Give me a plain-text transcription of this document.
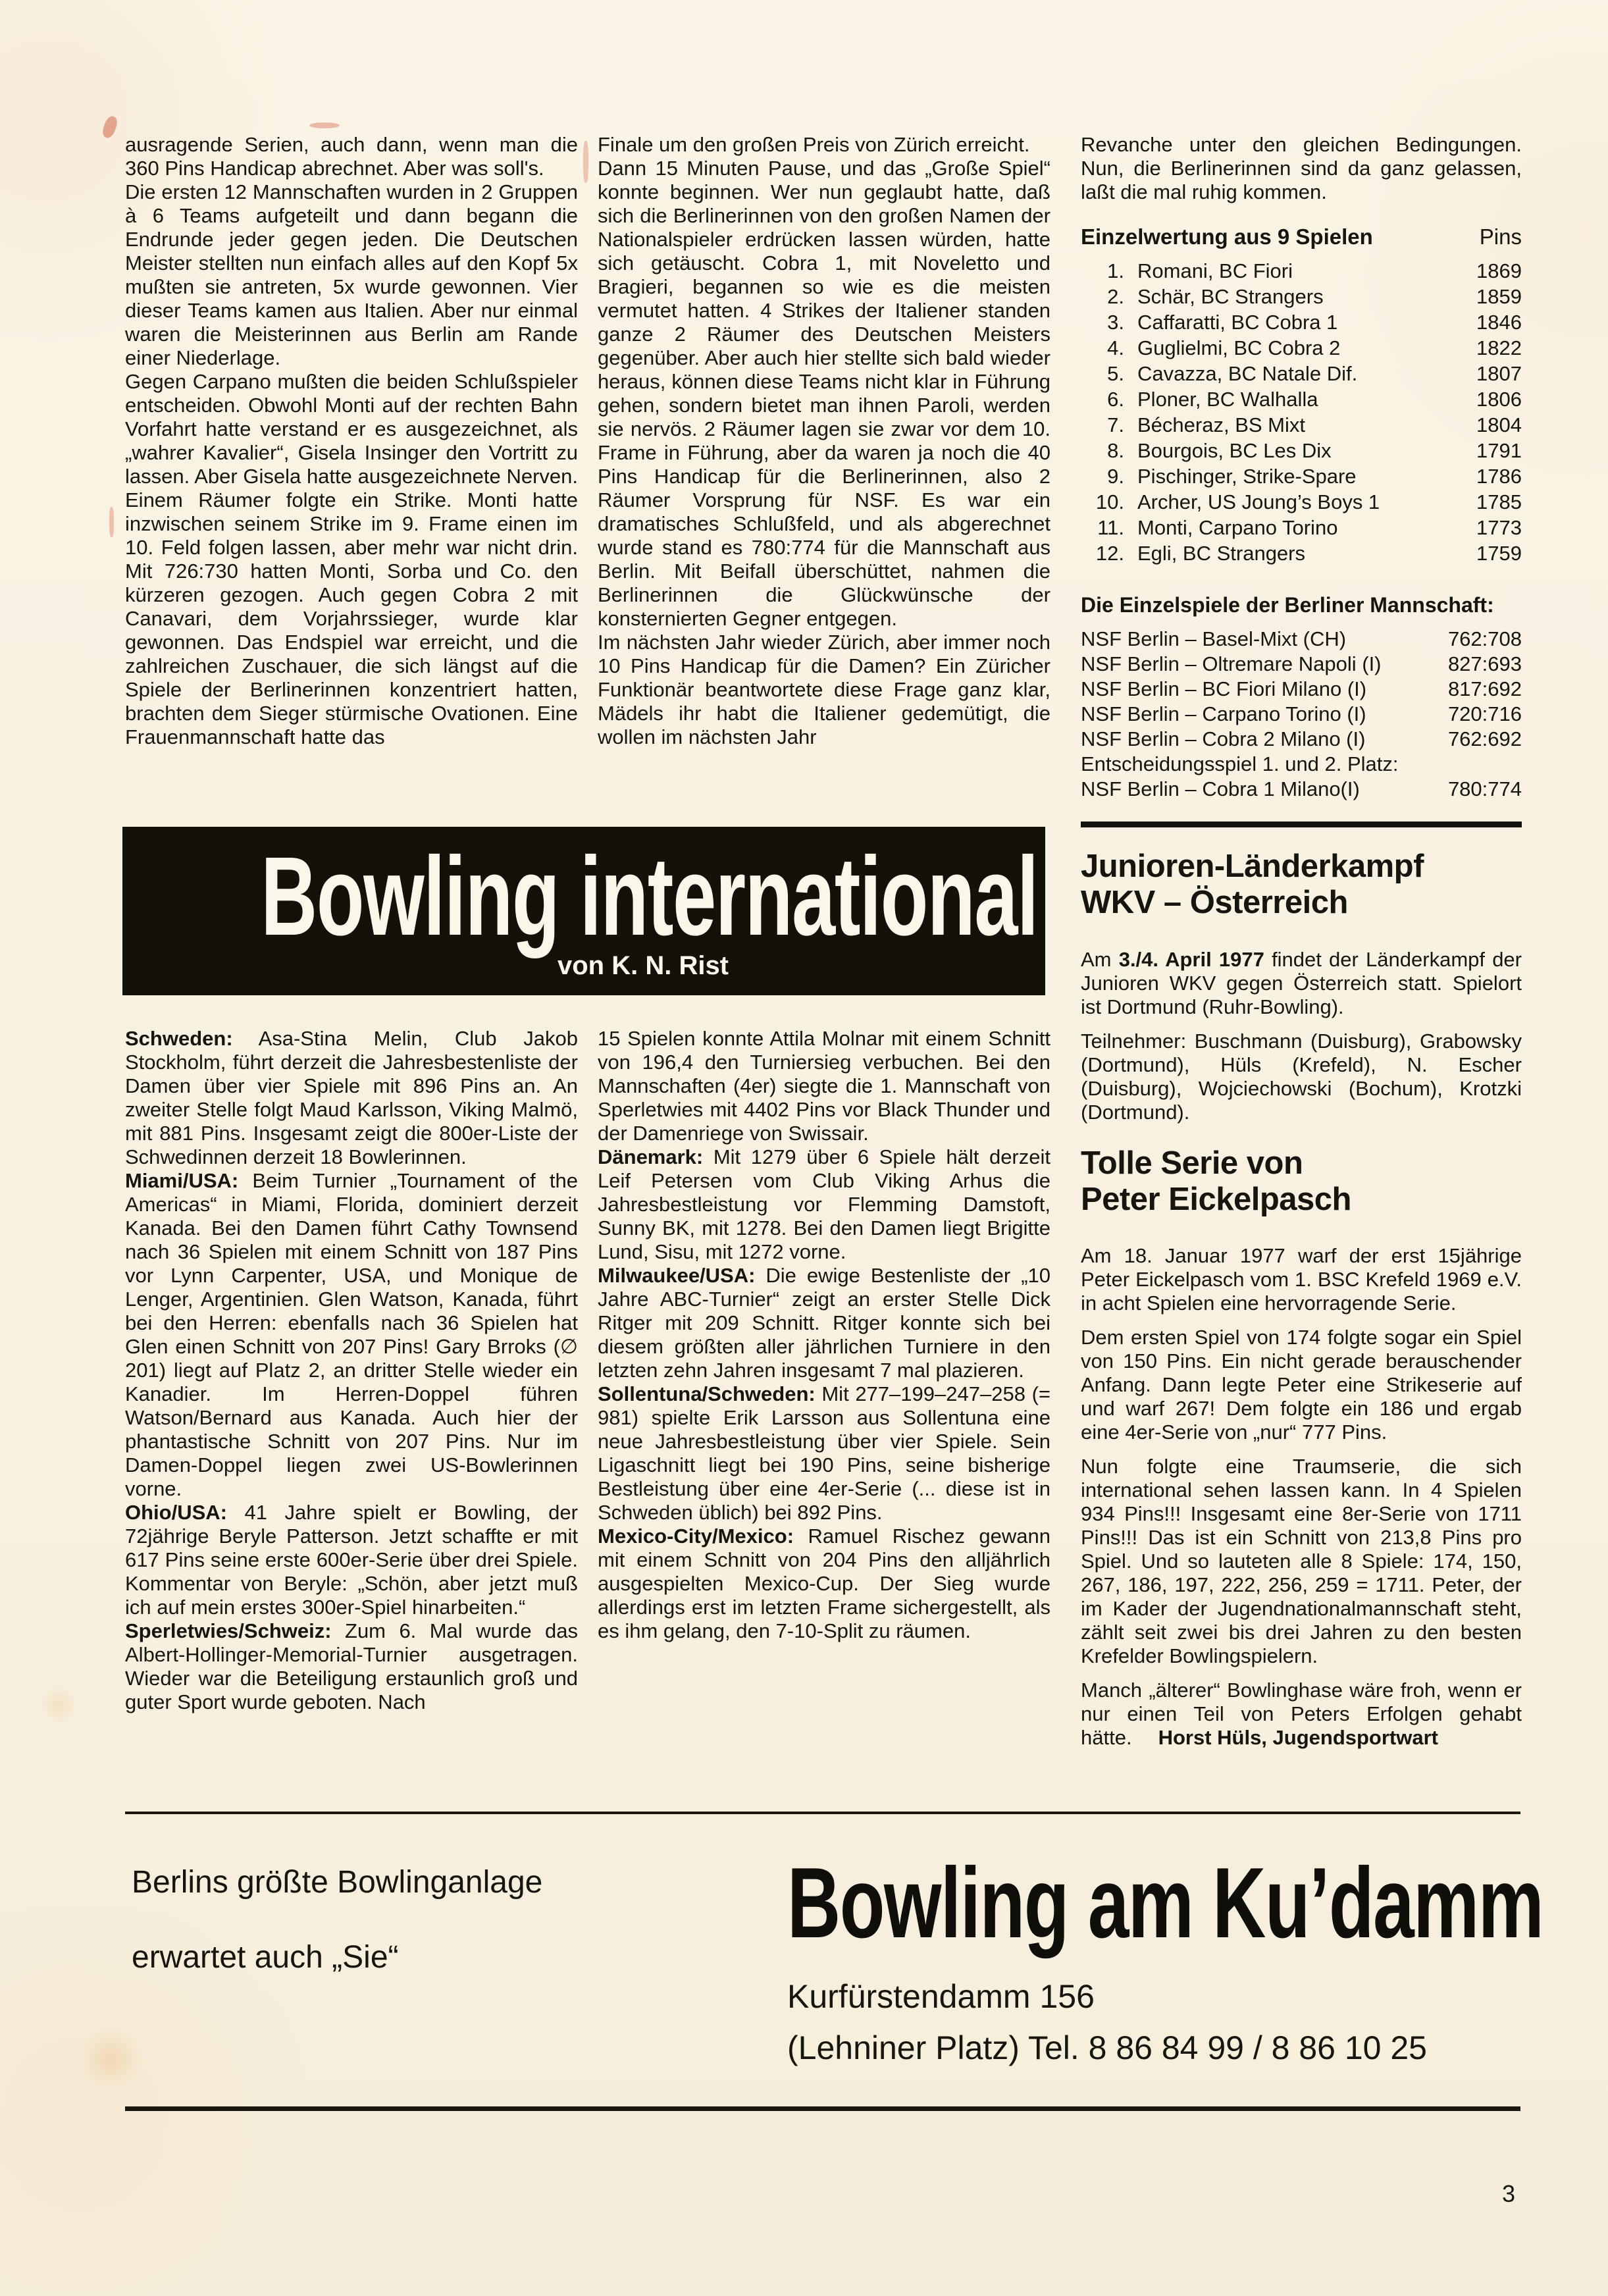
ausragende Serien, auch dann, wenn man die 360 Pins Handicap abrechnet. Aber was soll's.

Die ersten 12 Mannschaften wurden in 2 Gruppen à 6 Teams aufgeteilt und dann begann die Endrunde jeder gegen jeden. Die Deutschen Meister stellten nun einfach alles auf den Kopf 5x mußten sie antreten, 5x wurde gewonnen. Vier dieser Teams kamen aus Italien. Aber nur einmal waren die Meisterinnen aus Berlin am Rande einer Niederlage.

Gegen Carpano mußten die beiden Schlußspieler entscheiden. Obwohl Monti auf der rechten Bahn Vorfahrt hatte verstand er es ausgezeichnet, als „wahrer Kavalier“, Gisela Insinger den Vortritt zu lassen. Aber Gisela hatte ausgezeichnete Nerven. Einem Räumer folgte ein Strike. Monti hatte inzwischen seinem Strike im 9. Frame einen im 10. Feld folgen lassen, aber mehr war nicht drin. Mit 726:730 hatten Monti, Sorba und Co. den kürzeren gezogen. Auch gegen Cobra 2 mit Canavari, dem Vorjahrssieger, wurde klar gewonnen. Das Endspiel war erreicht, und die zahlreichen Zuschauer, die sich längst auf die Spiele der Berlinerinnen konzentriert hatten, brachten dem Sieger stürmische Ovationen. Eine Frauenmannschaft hatte das

Finale um den großen Preis von Zürich erreicht.

Dann 15 Minuten Pause, und das „Große Spiel“ konnte beginnen. Wer nun geglaubt hatte, daß sich die Berlinerinnen von den großen Namen der Nationalspieler erdrücken lassen würden, hatte sich getäuscht. Cobra 1, mit Noveletto und Bragieri, begannen so wie es die meisten vermutet hatten. 4 Strikes der Italiener standen ganze 2 Räumer des Deutschen Meisters gegenüber. Aber auch hier stellte sich bald wieder heraus, können diese Teams nicht klar in Führung gehen, sondern bietet man ihnen Paroli, werden sie nervös. 2 Räumer lagen sie zwar vor dem 10. Frame in Führung, aber da waren ja noch die 40 Pins Handicap für die Berlinerinnen, also 2 Räumer Vorsprung für NSF. Es war ein dramatisches Schlußfeld, und als abgerechnet wurde stand es 780:774 für die Mannschaft aus Berlin. Mit Beifall überschüttet, nahmen die Berlinerinnen die Glückwünsche der konsternierten Gegner entgegen.

Im nächsten Jahr wieder Zürich, aber immer noch 10 Pins Handicap für die Damen? Ein Züricher Funktionär beantwortete diese Frage ganz klar, Mädels ihr habt die Italiener gedemütigt, die wollen im nächsten Jahr

Revanche unter den gleichen Bedingungen. Nun, die Berlinerinnen sind da ganz gelassen, laßt die mal ruhig kommen.

Einzelwertung aus 9 Spielen	Pins
1. Romani, BC Fiori	1869
2. Schär, BC Strangers	1859
3. Caffaratti, BC Cobra 1	1846
4. Guglielmi, BC Cobra 2	1822
5. Cavazza, BC Natale Dif.	1807
6. Ploner, BC Walhalla	1806
7. Bécheraz, BS Mixt	1804
8. Bourgois, BC Les Dix	1791
9. Pischinger, Strike-Spare	1786
10. Archer, US Joung’s Boys 1	1785
11. Monti, Carpano Torino	1773
12. Egli, BC Strangers	1759
Die Einzelspiele der Berliner Mannschaft:
NSF Berlin – Basel-Mixt (CH)	762:708
NSF Berlin – Oltremare Napoli (I)	827:693
NSF Berlin – BC Fiori Milano (I)	817:692
NSF Berlin – Carpano Torino (I)	720:716
NSF Berlin – Cobra 2 Milano (I)	762:692
Entscheidungsspiel 1. und 2. Platz:
NSF Berlin – Cobra 1 Milano(I)	780:774
Junioren-Länderkampf
WKV – Österreich

Am 3./4. April 1977 findet der Länderkampf der Junioren WKV gegen Österreich statt. Spielort ist Dortmund (Ruhr-Bowling).

Teilnehmer: Buschmann (Duisburg), Grabowsky (Dortmund), Hüls (Krefeld), N. Escher (Duisburg), Wojciechowski (Bochum), Krotzki (Dortmund).

Tolle Serie von
Peter Eickelpasch

Am 18. Januar 1977 warf der erst 15jährige Peter Eickelpasch vom 1. BSC Krefeld 1969 e.V. in acht Spielen eine hervorragende Serie.

Dem ersten Spiel von 174 folgte sogar ein Spiel von 150 Pins. Ein nicht gerade berauschender Anfang. Dann legte Peter eine Strikeserie auf und warf 267! Dem folgte ein 186 und ergab eine 4er-Serie von „nur“ 777 Pins.

Nun folgte eine Traumserie, die sich international sehen lassen kann. In 4 Spielen 934 Pins!!! Insgesamt eine 8er-Serie von 1711 Pins!!! Das ist ein Schnitt von 213,8 Pins pro Spiel. Und so lauteten alle 8 Spiele: 174, 150, 267, 186, 197, 222, 256, 259 = 1711. Peter, der im Kader der Jugendnationalmannschaft steht, zählt seit zwei bis drei Jahren zu den besten Krefelder Bowlingspielern.

Manch „älterer“ Bowlinghase wäre froh, wenn er nur einen Teil von Peters Erfolgen gehabt hätte. Horst Hüls, Jugendsportwart

Bowling international
von K. N. Rist

Schweden: Asa-Stina Melin, Club Jakob Stockholm, führt derzeit die Jahresbestenliste der Damen über vier Spiele mit 896 Pins an. An zweiter Stelle folgt Maud Karlsson, Viking Malmö, mit 881 Pins. Insgesamt zeigt die 800er-Liste der Schwedinnen derzeit 18 Bowlerinnen.

Miami/USA: Beim Turnier „Tournament of the Americas“ in Miami, Florida, dominiert derzeit Kanada. Bei den Damen führt Cathy Townsend nach 36 Spielen mit einem Schnitt von 187 Pins vor Lynn Carpenter, USA, und Monique de Lenger, Argentinien. Glen Watson, Kanada, führt bei den Herren: ebenfalls nach 36 Spielen hat Glen einen Schnitt von 207 Pins! Gary Brroks (∅ 201) liegt auf Platz 2, an dritter Stelle wieder ein Kanadier. Im Herren-Doppel führen Watson/Bernard aus Kanada. Auch hier der phantastische Schnitt von 207 Pins. Nur im Damen-Doppel liegen zwei US-Bowlerinnen vorne.

Ohio/USA: 41 Jahre spielt er Bowling, der 72jährige Beryle Patterson. Jetzt schaffte er mit 617 Pins seine erste 600er-Serie über drei Spiele. Kommentar von Beryle: „Schön, aber jetzt muß ich auf mein erstes 300er-Spiel hinarbeiten.“

Sperletwies/Schweiz: Zum 6. Mal wurde das Albert-Hollinger-Memorial-Turnier ausgetragen. Wieder war die Beteiligung erstaunlich groß und guter Sport wurde geboten. Nach

15 Spielen konnte Attila Molnar mit einem Schnitt von 196,4 den Turniersieg verbuchen. Bei den Mannschaften (4er) siegte die 1. Mannschaft von Sperletwies mit 4402 Pins vor Black Thunder und der Damenriege von Swissair.

Dänemark: Mit 1279 über 6 Spiele hält derzeit Leif Petersen vom Club Viking Arhus die Jahresbestleistung vor Flemming Damstoft, Sunny BK, mit 1278. Bei den Damen liegt Brigitte Lund, Sisu, mit 1272 vorne.

Milwaukee/USA: Die ewige Bestenliste der „10 Jahre ABC-Turnier“ zeigt an erster Stelle Dick Ritger mit 209 Schnitt. Ritger konnte sich bei diesem größten aller jährlichen Turniere in den letzten zehn Jahren insgesamt 7 mal plazieren.

Sollentuna/Schweden: Mit 277–199–247–258 (= 981) spielte Erik Larsson aus Sollentuna eine neue Jahresbestleistung über vier Spiele. Sein Ligaschnitt liegt bei 190 Pins, seine bisherige Bestleistung über eine 4er-Serie (... diese ist in Schweden üblich) bei 892 Pins.

Mexico-City/Mexico: Ramuel Rischez gewann mit einem Schnitt von 204 Pins den alljährlich ausgespielten Mexico-Cup. Der Sieg wurde allerdings erst im letzten Frame sichergestellt, als es ihm gelang, den 7-10-Split zu räumen.

Berlins größte Bowlinganlage
erwartet auch „Sie“	Bowling am Ku’damm
Kurfürstendamm 156
(Lehniner Platz) Tel. 8 86 84 99 / 8 86 10 25
3
